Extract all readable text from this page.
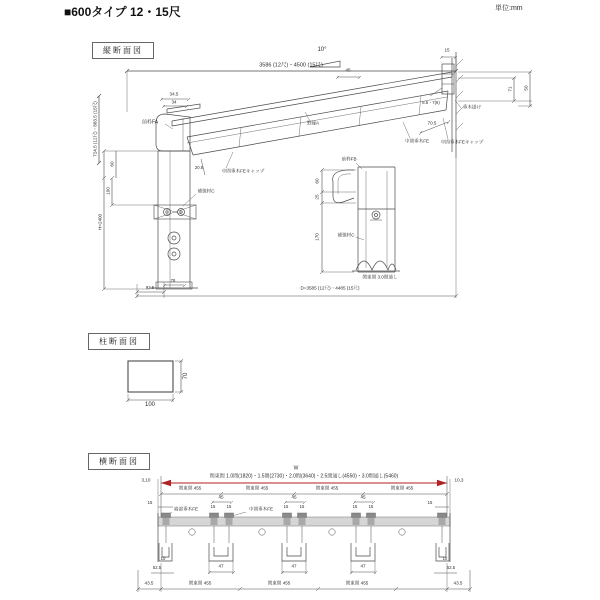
■600タイプ 12・15尺	単位:mm
縦断面図
柱断面図
横断面図
3586 (12尺)・4500 (15尺)
10°
45
15
34.5
34
前枠FA
724.5 (12尺)・883.5 (15尺)
60
100
H=2400
20.5
中間垂木FEキャップ
野縁A
中間垂木FE	中間垂木FEキャップ
垂木掛け
8.5・7(6)
70.5
71 50
補強材C
前枠FB
60
25
170	補強材C
関東間 3.0間通し
78
92.5	D=3585 (12尺)・4485 (15尺)
100
70
W
関東間 1.0間(1820)・1.5間(2730)・2.0間(3640)・2.5間通し(4550)・3.0間通し(5460)
3,10	10,3
関東間 455	関東間 455	関東間 455	関東間 455
45	45	45
15	15	15	15	15	15
15	15
端部垂木FE	中間垂木FE
47	47	47
10
52.5
10
52.5
43.5	関東間 455	関東間 455	関東間 455	43.5
